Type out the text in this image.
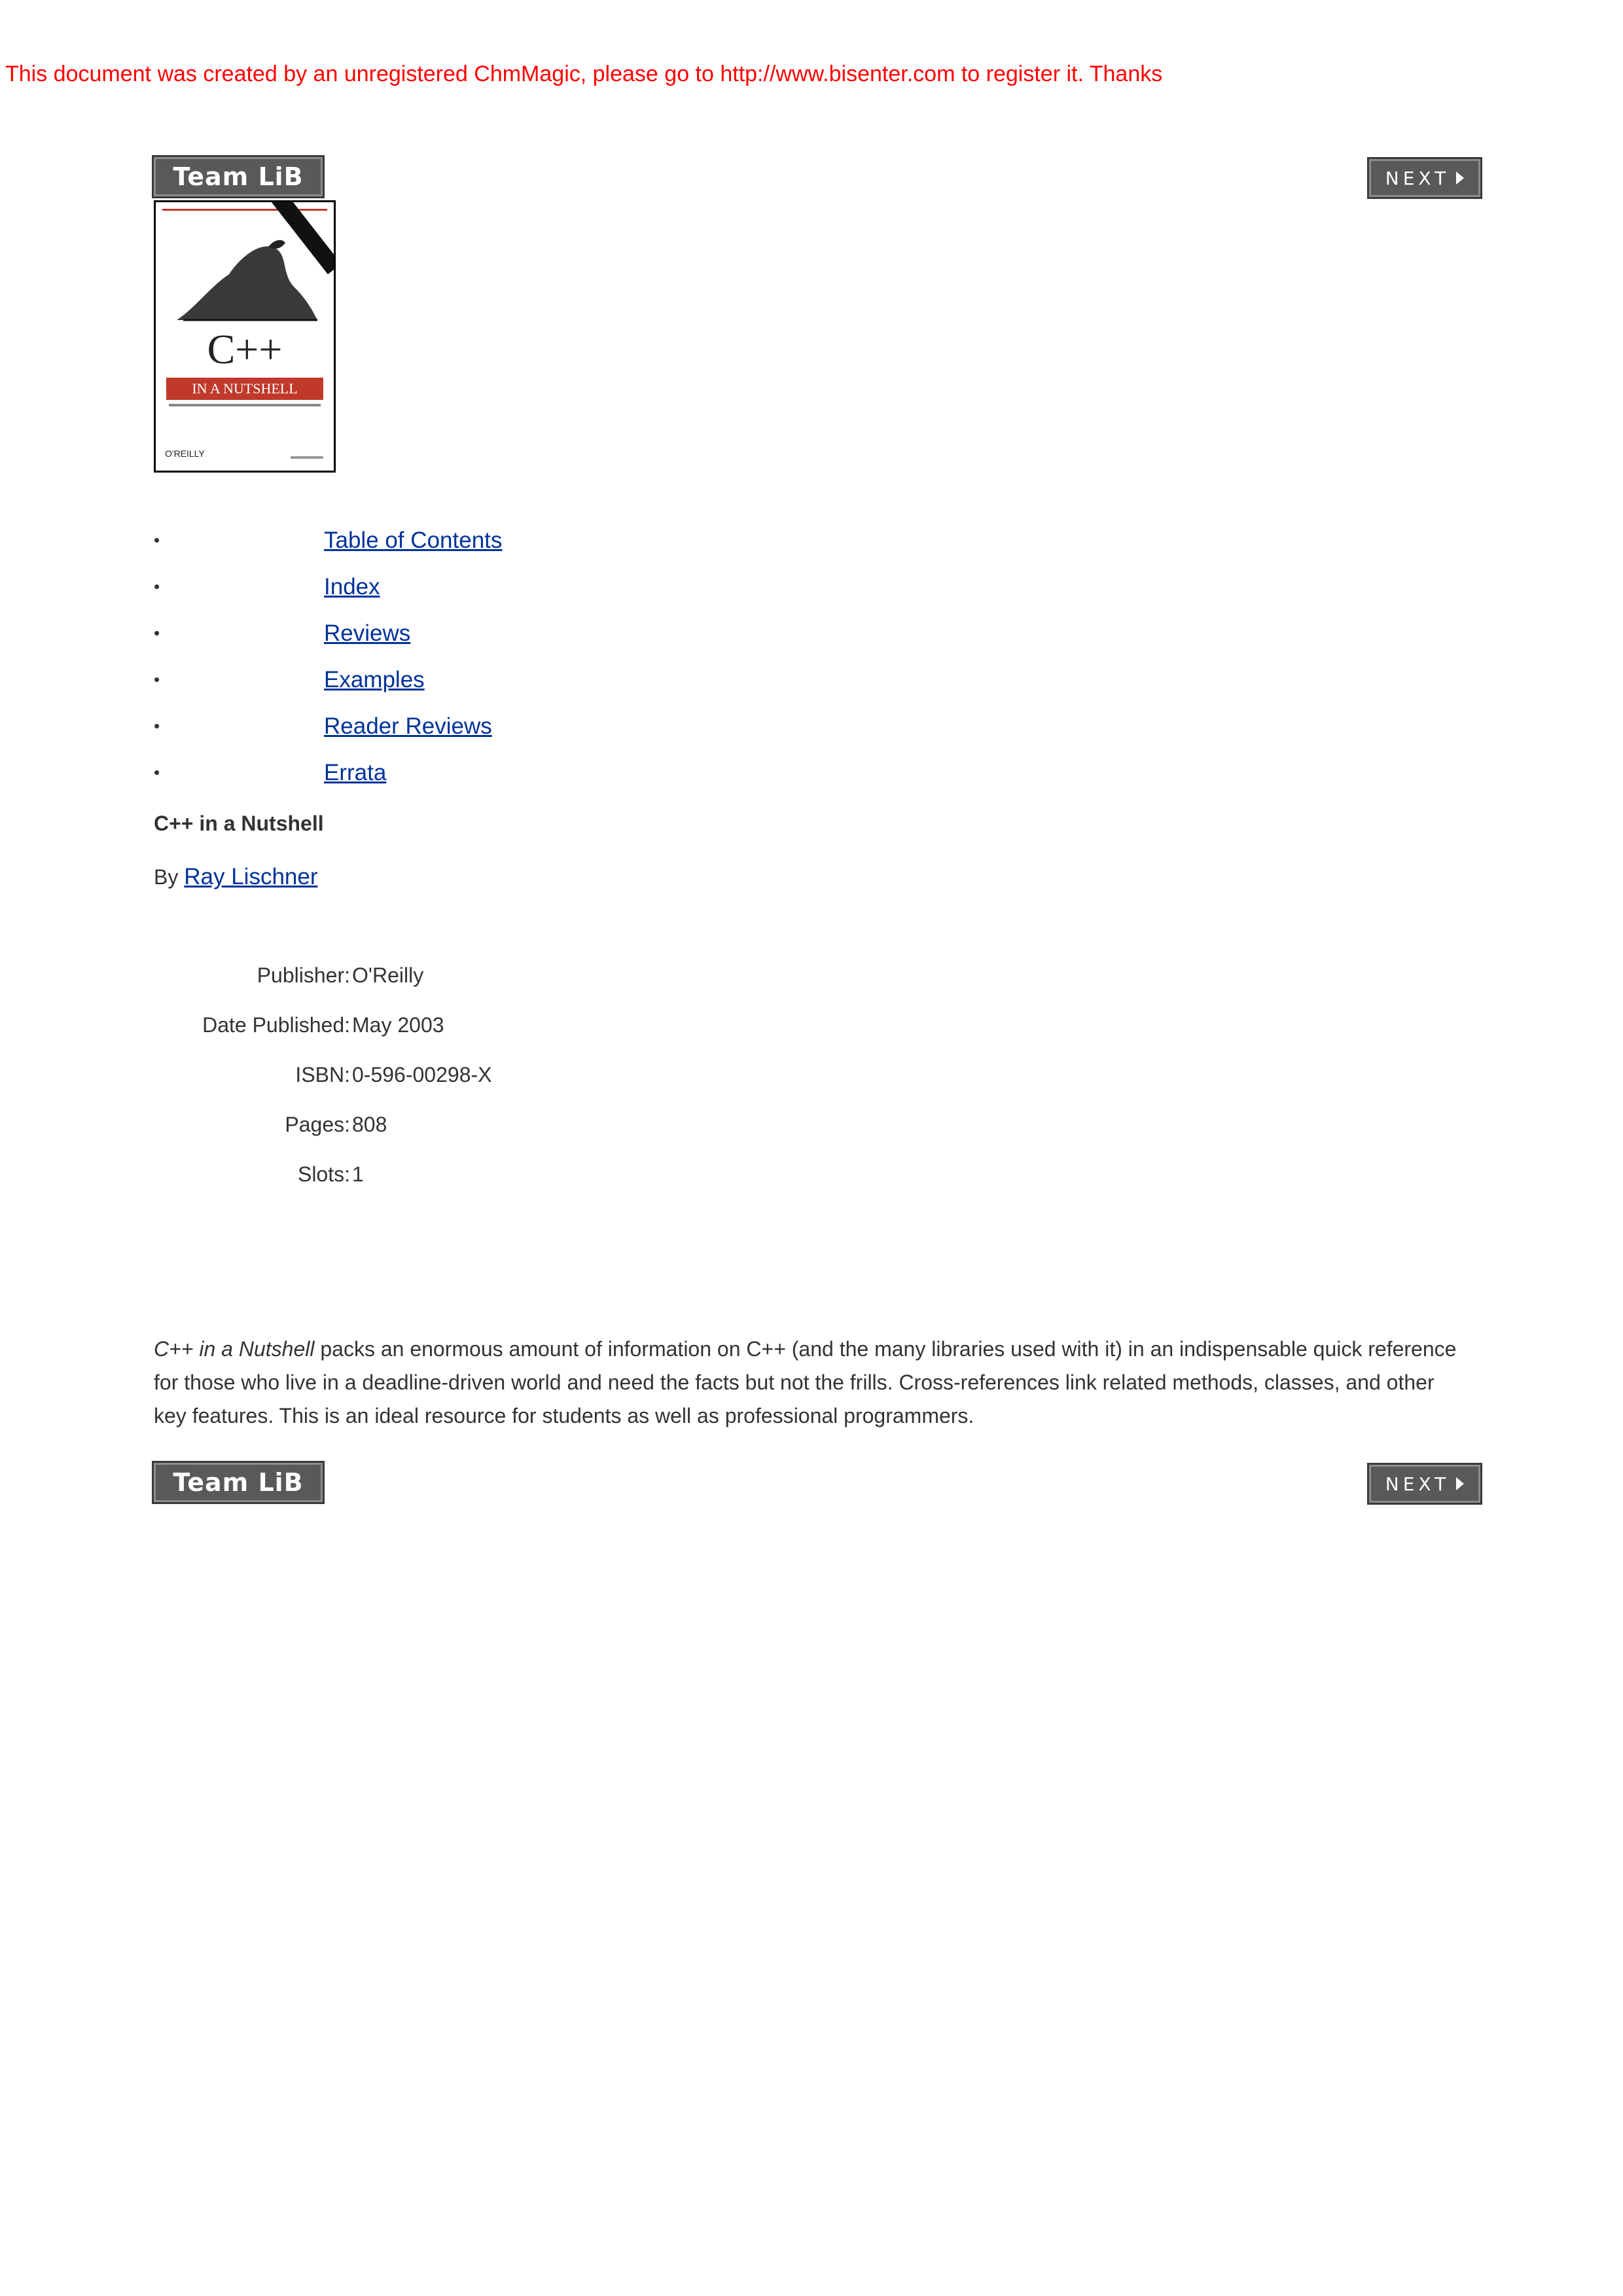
This document was created by an unregistered ChmMagic, please go to http://www.bisenter.com to register it. Thanks
Team LiB	NEXT
C++
IN A NUTSHELL
O'REILLY
•	Table of Contents
•	Index
•	Reviews
•	Examples
•	Reader Reviews
•	Errata
C++ in a Nutshell
By Ray Lischner
Publisher: O'Reilly
Date Published: May 2003
ISBN: 0-596-00298-X
Pages: 808
Slots: 1

C++ in a Nutshell packs an enormous amount of information on C++ (and the many libraries used with it) in an indispensable quick reference for those who live in a deadline-driven world and need the facts but not the frills. Cross-references link related methods, classes, and other key features. This is an ideal resource for students as well as professional programmers.

Team LiB	NEXT
